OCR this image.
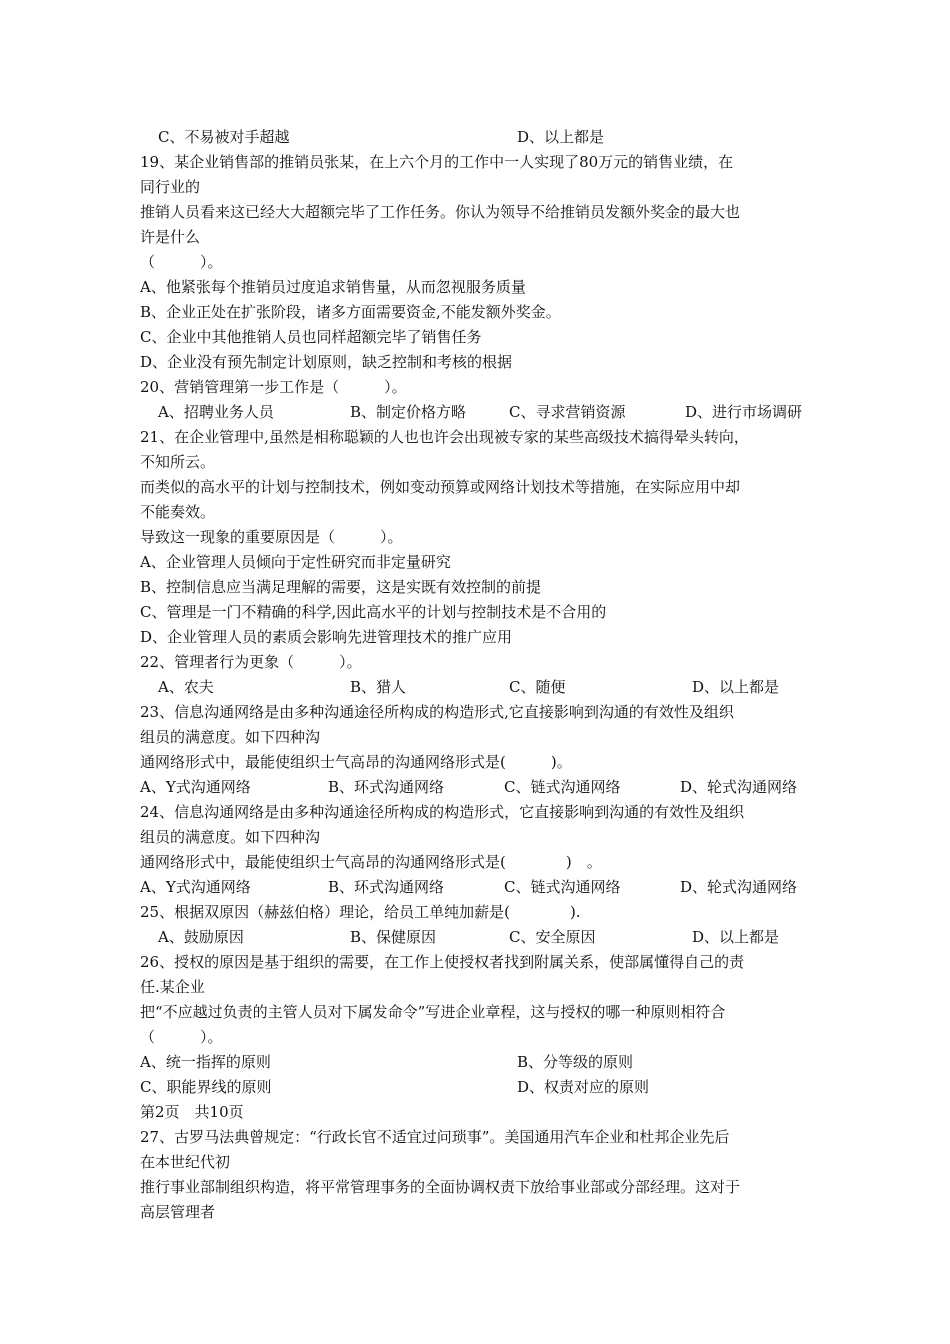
C、不易被对手超越	D、以上都是
19、某企业销售部的推销员张某，在上六个月的工作中一人实现了80万元的销售业绩，在
同行业的
推销人员看来这已经大大超额完毕了工作任务。你认为领导不给推销员发额外奖金的最大也
许是什么
（　　　）。
A、他紧张每个推销员过度追求销售量，从而忽视服务质量
B、企业正处在扩张阶段，诸多方面需要资金,不能发额外奖金。
C、企业中其他推销人员也同样超额完毕了销售任务
D、企业没有预先制定计划原则，缺乏控制和考核的根据
20、营销管理第一步工作是（　　　）。
A、招聘业务人员	B、制定价格方略	C、寻求营销资源	D、进行市场调研
21、在企业管理中,虽然是相称聪颖的人也也许会出现被专家的某些高级技术搞得晕头转向，
不知所云。
而类似的高水平的计划与控制技术，例如变动预算或网络计划技术等措施，在实际应用中却
不能奏效。
导致这一现象的重要原因是（　　　）。
A、企业管理人员倾向于定性研究而非定量研究
B、控制信息应当满足理解的需要，这是实既有效控制的前提
C、管理是一门不精确的科学,因此高水平的计划与控制技术是不合用的
D、企业管理人员的素质会影响先进管理技术的推广应用
22、管理者行为更象（　　　）。
A、农夫	B、猎人	C、随便	D、以上都是
23、信息沟通网络是由多种沟通途径所构成的构造形式,它直接影响到沟通的有效性及组织
组员的满意度。如下四种沟
通网络形式中，最能使组织士气高昂的沟通网络形式是(　　　)。
A、Y式沟通网络	B、环式沟通网络	C、链式沟通网络	D、轮式沟通网络
24、信息沟通网络是由多种沟通途径所构成的构造形式，它直接影响到沟通的有效性及组织
组员的满意度。如下四种沟
通网络形式中，最能使组织士气高昂的沟通网络形式是(　　　　)　。
A、Y式沟通网络	B、环式沟通网络	C、链式沟通网络	D、轮式沟通网络
25、根据双原因（赫兹伯格）理论，给员工单纯加薪是(　　　　).
A、鼓励原因	B、保健原因	C、安全原因	D、以上都是
26、授权的原因是基于组织的需要，在工作上使授权者找到附属关系，使部属懂得自己的责
任.某企业
把“不应越过负责的主管人员对下属发命令”写进企业章程，这与授权的哪一种原则相符合
（　　　）。
A、统一指挥的原则	B、分等级的原则
C、职能界线的原则	D、权责对应的原则
第2页　共10页
27、古罗马法典曾规定：“行政长官不适宜过问琐事”。美国通用汽车企业和杜邦企业先后
在本世纪代初
推行事业部制组织构造，将平常管理事务的全面协调权责下放给事业部或分部经理。这对于
高层管理者
